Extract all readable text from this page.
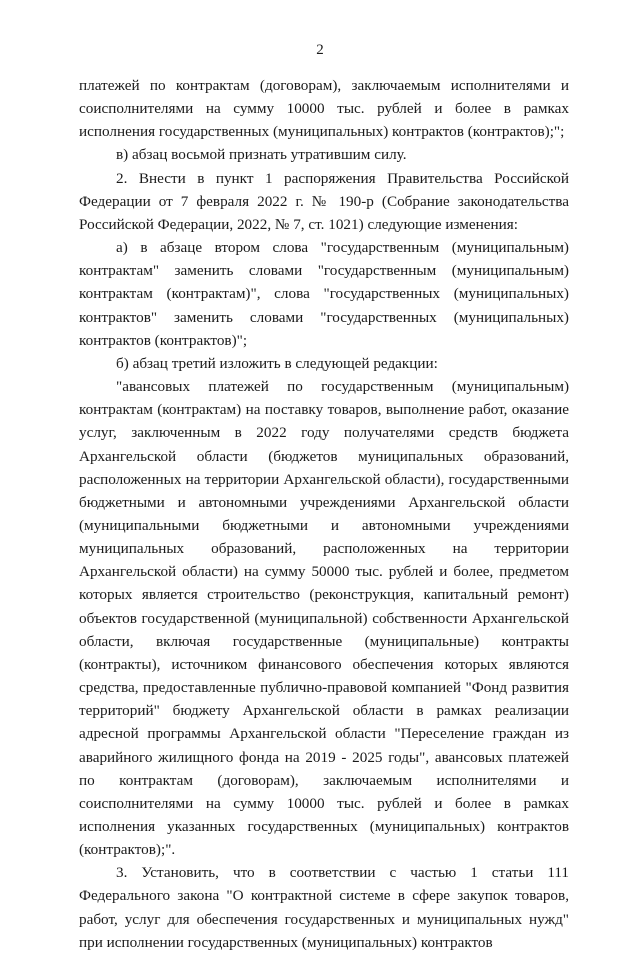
2

платежей по контрактам (договорам), заключаемым исполнителями и соисполнителями на сумму 10000 тыс. рублей и более в рамках исполнения государственных (муниципальных) контрактов (контрактов);";

в) абзац восьмой признать утратившим силу.

2. Внести в пункт 1 распоряжения Правительства Российской Федерации от 7 февраля 2022 г. № 190-р (Собрание законодательства Российской Федерации, 2022, № 7, ст. 1021) следующие изменения:

а) в абзаце втором слова "государственным (муниципальным) контрактам" заменить словами "государственным (муниципальным) контрактам (контрактам)", слова "государственных (муниципальных) контрактов" заменить словами "государственных (муниципальных) контрактов (контрактов)";

б) абзац третий изложить в следующей редакции:

"авансовых платежей по государственным (муниципальным) контрактам (контрактам) на поставку товаров, выполнение работ, оказание услуг, заключенным в 2022 году получателями средств бюджета Архангельской области (бюджетов муниципальных образований, расположенных на территории Архангельской области), государственными бюджетными и автономными учреждениями Архангельской области (муниципальными бюджетными и автономными учреждениями муниципальных образований, расположенных на территории Архангельской области) на сумму 50000 тыс. рублей и более, предметом которых является строительство (реконструкция, капитальный ремонт) объектов государственной (муниципальной) собственности Архангельской области, включая государственные (муниципальные) контракты (контракты), источником финансового обеспечения которых являются средства, предоставленные публично-правовой компанией "Фонд развития территорий" бюджету Архангельской области в рамках реализации адресной программы Архангельской области "Переселение граждан из аварийного жилищного фонда на 2019 - 2025 годы", авансовых платежей по контрактам (договорам), заключаемым исполнителями и соисполнителями на сумму 10000 тыс. рублей и более в рамках исполнения указанных государственных (муниципальных) контрактов (контрактов);".

3. Установить, что в соответствии с частью 1 статьи 111 Федерального закона "О контрактной системе в сфере закупок товаров, работ, услуг для обеспечения государственных и муниципальных нужд" при исполнении государственных (муниципальных) контрактов
